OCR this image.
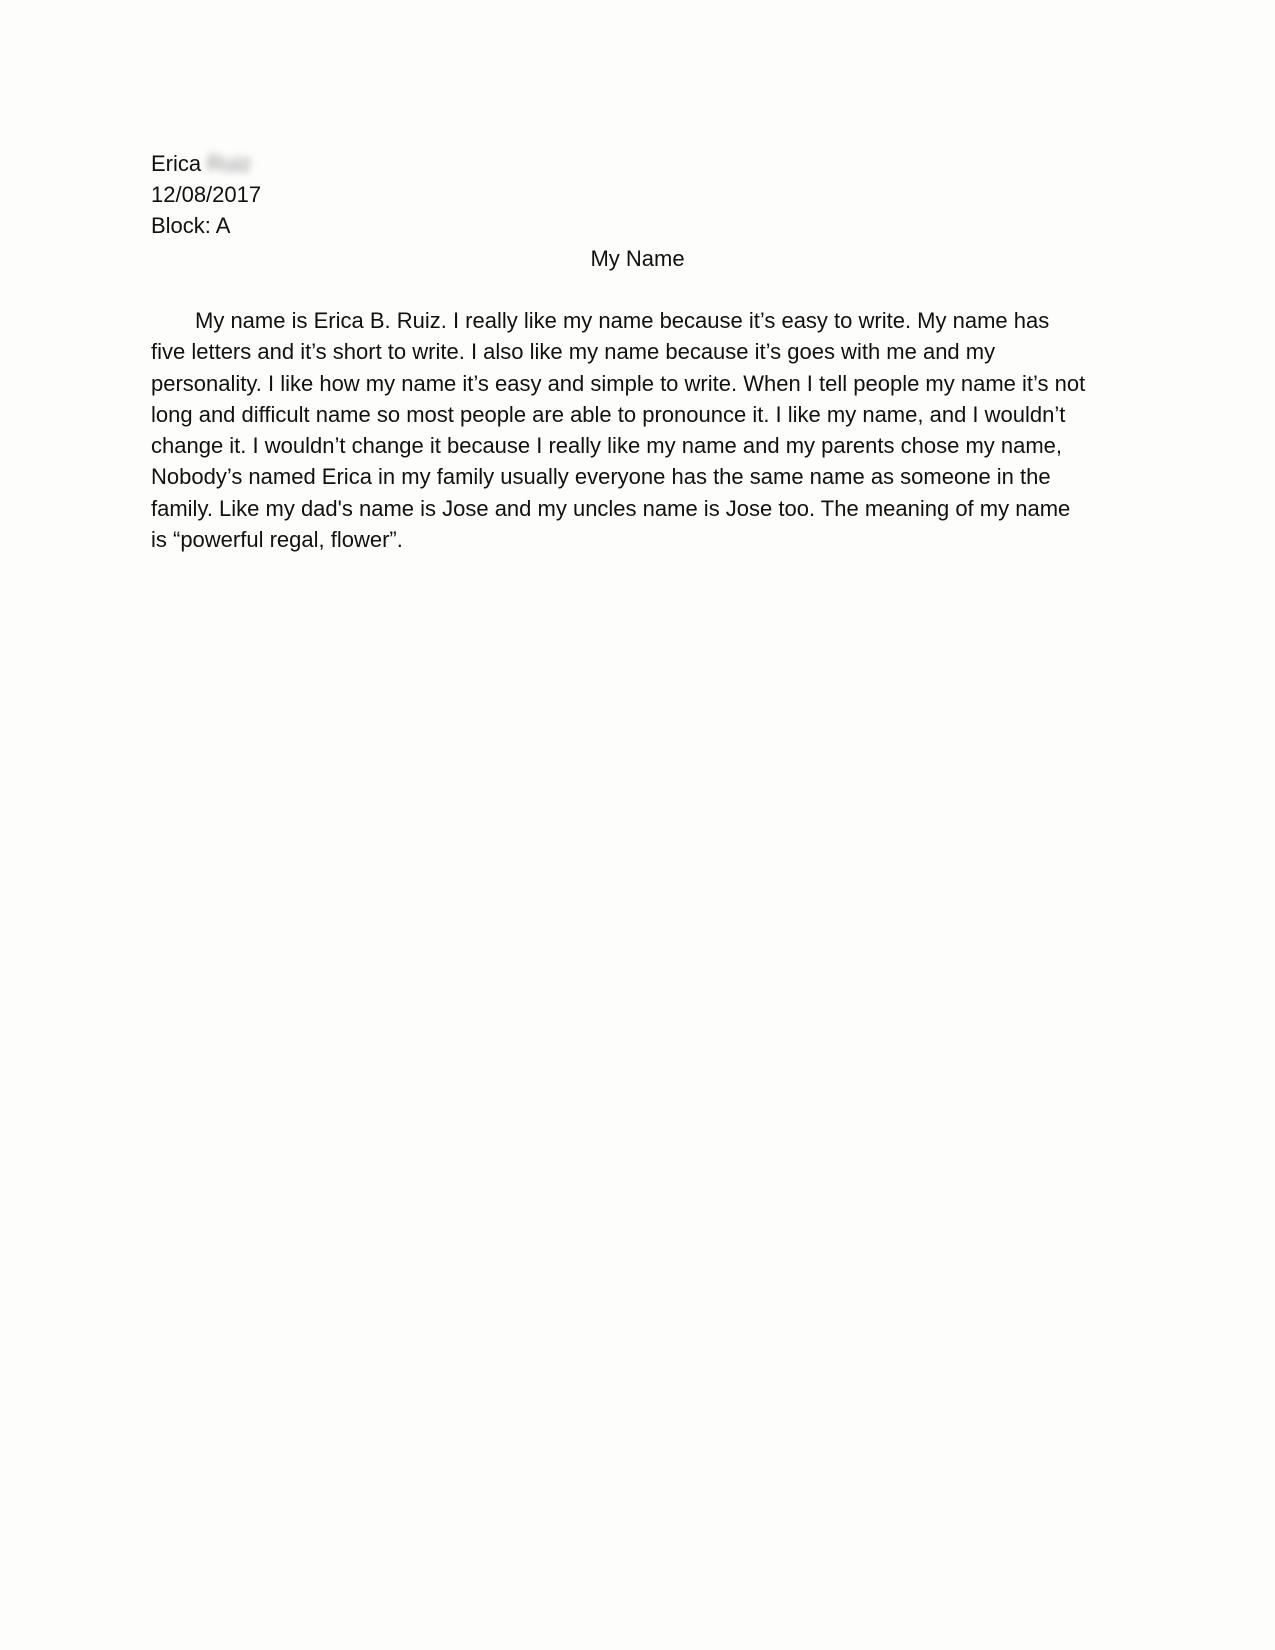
Erica Ruiz
12/08/2017
Block: A
My Name

My name is Erica B. Ruiz. I really like my name because it’s easy to write. My name has
five letters and it’s short to write. I also like my name because it’s goes with me and my
personality. I like how my name it’s easy and simple to write. When I tell people my name it’s not
long and difficult name so most people are able to pronounce it. I like my name, and I wouldn’t
change it. I wouldn’t change it because I really like my name and my parents chose my name,
Nobody’s named Erica in my family usually everyone has the same name as someone in the
family. Like my dad's name is Jose and my uncles name is Jose too. The meaning of my name
is “powerful regal, flower”.
